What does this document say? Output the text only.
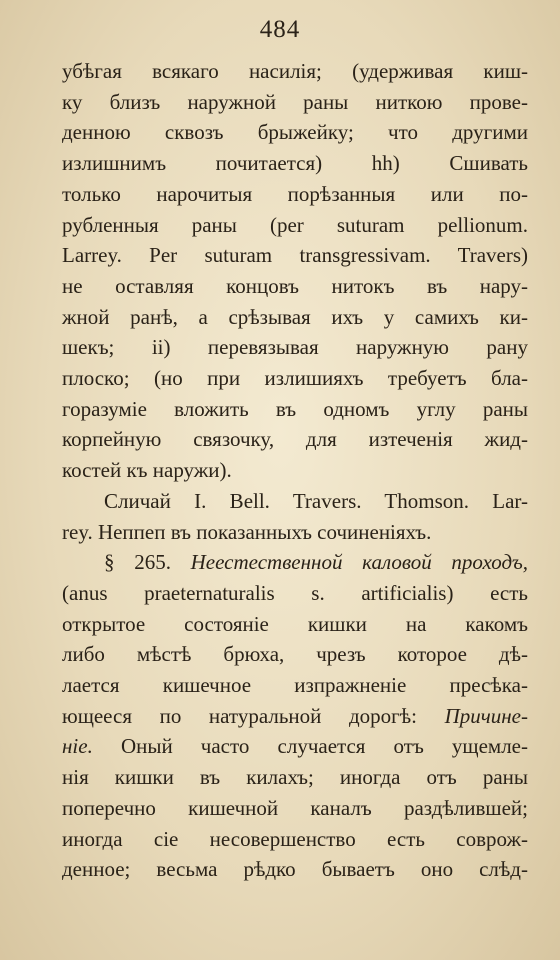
484
убѣгая всякаго насилія; (удерживая киш-
ку близъ наружной раны ниткою прове-
денною сквозъ брыжейку; что другими
излишнимъ почитается) hh) Сшивать
только нарочитыя порѣзанныя или по-
рубленныя раны (per suturam pellionum.
Larrey. Per suturam transgressivam. Travers)
не оставляя концовъ нитокъ въ нару-
жной ранѣ, а срѣзывая ихъ у самихъ ки-
шекъ; ii) перевязывая наружную рану
плоско; (но при излишияхъ требуетъ бла-
горазуміе вложить въ одномъ углу раны
корпейную связочку, для изтеченія жид-
костей къ наружи).
Сличай I. Bell. Travers. Thomson. Lar-
rey. Неппеп въ показанныхъ сочиненіяхъ.
§ 265. Неестественной каловой проходъ,
(anus praeternaturalis s. artificialis) есть
открытое состояніе кишки на какомъ
либо мѣстѣ брюха, чрезъ которое дѣ-
лается кишечное изпражненіе пресѣка-
ющееся по натуральной дорогѣ: Причине-
ніе. Оный часто случается отъ ущемле-
нія кишки въ килахъ; иногда отъ раны
поперечно кишечной каналъ раздѣлившей;
иногда сіе несовершенство есть соврож-
денное; весьма рѣдко бываетъ оно слѣд-
